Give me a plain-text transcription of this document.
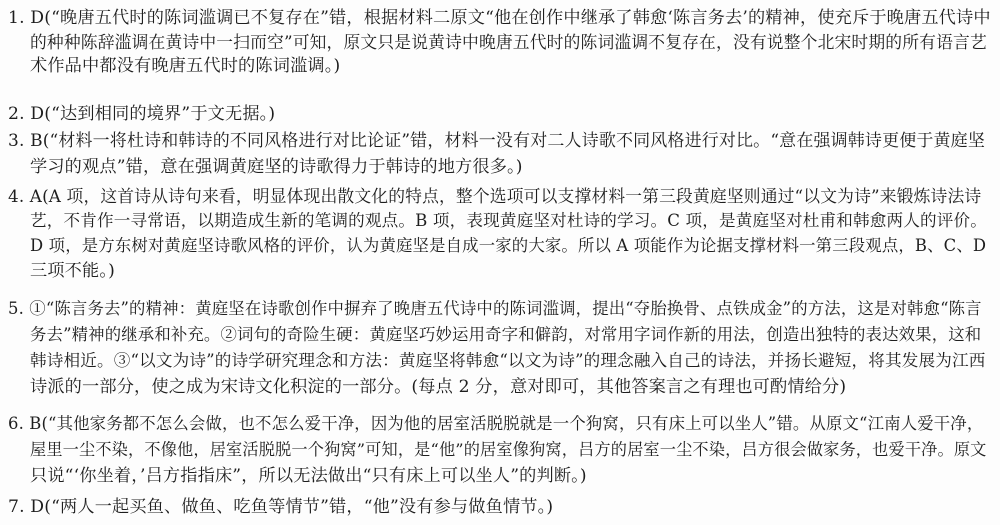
1. D(“晚唐五代时的陈词滥调已不复存在”错，根据材料二原文“他在创作中继承了韩愈‘陈言务去’的精神，使充斥于晚唐五代诗中
的种种陈辞滥调在黄诗中一扫而空”可知，原文只是说黄诗中晚唐五代时的陈词滥调不复存在，没有说整个北宋时期的所有语言艺
术作品中都没有晚唐五代时的陈词滥调。)
2. D(“达到相同的境界”于文无据。)
3. B(“材料一将杜诗和韩诗的不同风格进行对比论证”错，材料一没有对二人诗歌不同风格进行对比。“意在强调韩诗更便于黄庭坚
学习的观点”错，意在强调黄庭坚的诗歌得力于韩诗的地方很多。)
4. A(A 项，这首诗从诗句来看，明显体现出散文化的特点，整个选项可以支撑材料一第三段黄庭坚则通过“以文为诗”来锻炼诗法诗
艺，不肯作一寻常语，以期造成生新的笔调的观点。B 项，表现黄庭坚对杜诗的学习。C 项，是黄庭坚对杜甫和韩愈两人的评价。
D 项，是方东树对黄庭坚诗歌风格的评价，认为黄庭坚是自成一家的大家。所以 A 项能作为论据支撑材料一第三段观点，B、C、D
三项不能。)
5. ①“陈言务去”的精神：黄庭坚在诗歌创作中摒弃了晚唐五代诗中的陈词滥调，提出“夺胎换骨、点铁成金”的方法，这是对韩愈“陈言
务去”精神的继承和补充。②词句的奇险生硬：黄庭坚巧妙运用奇字和僻韵，对常用字词作新的用法，创造出独特的表达效果，这和
韩诗相近。③“以文为诗”的诗学研究理念和方法：黄庭坚将韩愈“以文为诗”的理念融入自己的诗法，并扬长避短，将其发展为江西
诗派的一部分，使之成为宋诗文化积淀的一部分。(每点 2 分，意对即可，其他答案言之有理也可酌情给分)
6. B(“其他家务都不怎么会做，也不怎么爱干净，因为他的居室活脱脱就是一个狗窝，只有床上可以坐人”错。从原文“江南人爱干净，
屋里一尘不染，不像他，居室活脱脱一个狗窝”可知，是“他”的居室像狗窝，吕方的居室一尘不染，吕方很会做家务，也爱干净。原文
只说“‘你坐着，’吕方指指床”，所以无法做出“只有床上可以坐人”的判断。)
7. D(“两人一起买鱼、做鱼、吃鱼等情节”错，“他”没有参与做鱼情节。)
